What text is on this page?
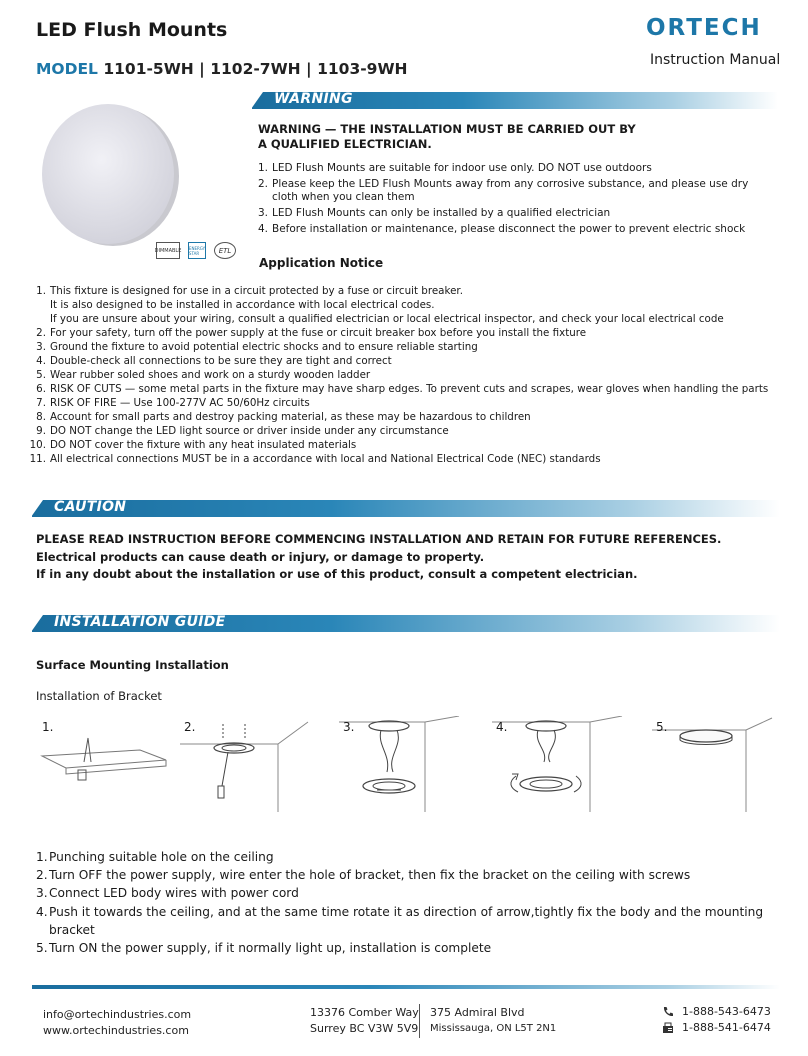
LED Flush Mounts
MODEL 1101-5WH | 1102-7WH | 1103-9WH
ORTECH
Instruction Manual
WARNING
DIMMABLE ENERGY STAR	ETL
WARNING — THE INSTALLATION MUST BE CARRIED OUT BY
A QUALIFIED ELECTRICIAN.
1. LED Flush Mounts are suitable for indoor use only. DO NOT use outdoors
2. Please keep the LED Flush Mounts away from any corrosive substance, and please use dry cloth when you clean them
3. LED Flush Mounts can only be installed by a qualified electrician
4. Before installation or maintenance, please disconnect the power to prevent electric shock
Application Notice
1. This fixture is designed for use in a circuit protected by a fuse or circuit breaker.
It is also designed to be installed in accordance with local electrical codes.
If you are unsure about your wiring, consult a qualified electrician or local electrical inspector, and check your local electrical code
2. For your safety, turn off the power supply at the fuse or circuit breaker box before you install the fixture
3. Ground the fixture to avoid potential electric shocks and to ensure reliable starting
4. Double-check all connections to be sure they are tight and correct
5. Wear rubber soled shoes and work on a sturdy wooden ladder
6. RISK OF CUTS — some metal parts in the fixture may have sharp edges. To prevent cuts and scrapes, wear gloves when handling the parts
7. RISK OF FIRE — Use 100-277V AC 50/60Hz circuits
8. Account for small parts and destroy packing material, as these may be hazardous to children
9. DO NOT change the LED light source or driver inside under any circumstance
10. DO NOT cover the fixture with any heat insulated materials
11. All electrical connections MUST be in a accordance with local and National Electrical Code (NEC) standards
CAUTION
PLEASE READ INSTRUCTION BEFORE COMMENCING INSTALLATION AND RETAIN FOR FUTURE REFERENCES.
Electrical products can cause death or injury, or damage to property.
If in any doubt about the installation or use of this product, consult a competent electrician.
INSTALLATION GUIDE
Surface Mounting Installation
Installation of Bracket
1.	2.	3.	4.	5.
1. Punching suitable hole on the ceiling
2. Turn OFF the power supply, wire enter the hole of bracket, then fix the bracket on the ceiling with screws
3. Connect LED body wires with power cord
4. Push it towards the ceiling, and at the same time rotate it as direction of arrow,tightly fix the body and the mounting bracket
5. Turn ON the power supply, if it normally light up, installation is complete
info@ortechindustries.com
www.ortechindustries.com
13376 Comber Way
Surrey BC V3W 5V9
375 Admiral Blvd
Mississauga, ON L5T 2N1
1-888-543-6473
1-888-541-6474
